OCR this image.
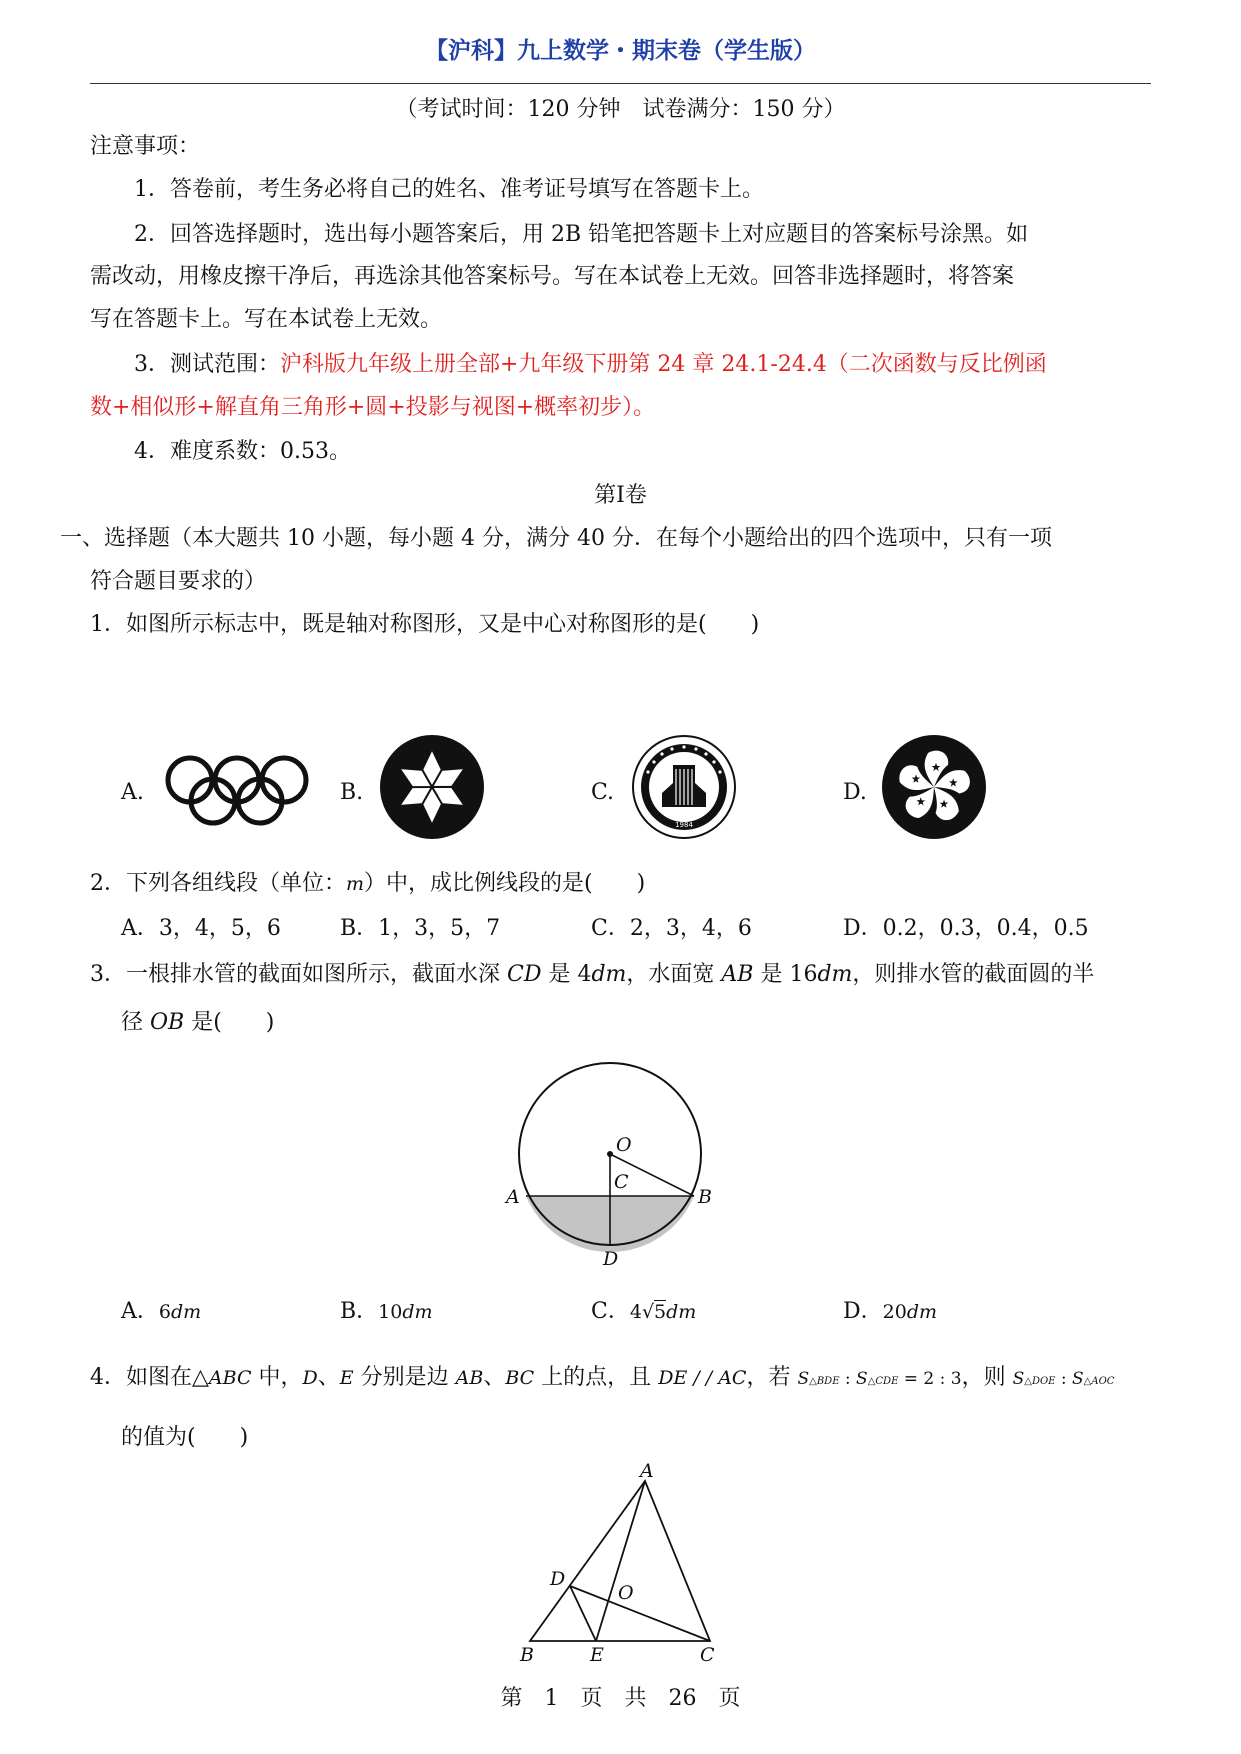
【沪科】九上数学・期末卷（学生版）
（考试时间：120 分钟　试卷满分：150 分）
注意事项：
1．答卷前，考生务必将自己的姓名、准考证号填写在答题卡上。
2．回答选择题时，选出每小题答案后，用 2B 铅笔把答题卡上对应题目的答案标号涂黑。如
需改动，用橡皮擦干净后，再选涂其他答案标号。写在本试卷上无效。回答非选择题时，将答案
写在答题卡上。写在本试卷上无效。
3．测试范围：沪科版九年级上册全部+九年级下册第 24 章 24.1-24.4（二次函数与反比例函
数+相似形+解直角三角形+圆+投影与视图+概率初步）。
4．难度系数：0.53。
第Ⅰ卷
一、选择题（本大题共 10 小题，每小题 4 分，满分 40 分．在每个小题给出的四个选项中，只有一项
符合题目要求的）
1．如图所示标志中，既是轴对称图形，又是中心对称图形的是(　　)
A.	B.	C.	D.
1984
2．下列各组线段（单位：m）中，成比例线段的是(　　)
A．3，4，5，6	B．1，3，5，7	C．2，3，4，6	D．0.2，0.3，0.4，0.5
3．一根排水管的截面如图所示，截面水深 CD 是 4dm，水面宽 AB 是 16dm，则排水管的截面圆的半
径 OB 是(　　)
O
C
A	B
D
A．6dm	B．10dm	C．4√5dm	D．20dm
4．如图在△ABC 中，D、E 分别是边 AB、BC 上的点，且 DE / / AC，若 S△BDE : S△CDE = 2 : 3，则 S△DOE : S△AOC
的值为(　　)
A
D
O
B	E	C
第　1　页　共　26　页
